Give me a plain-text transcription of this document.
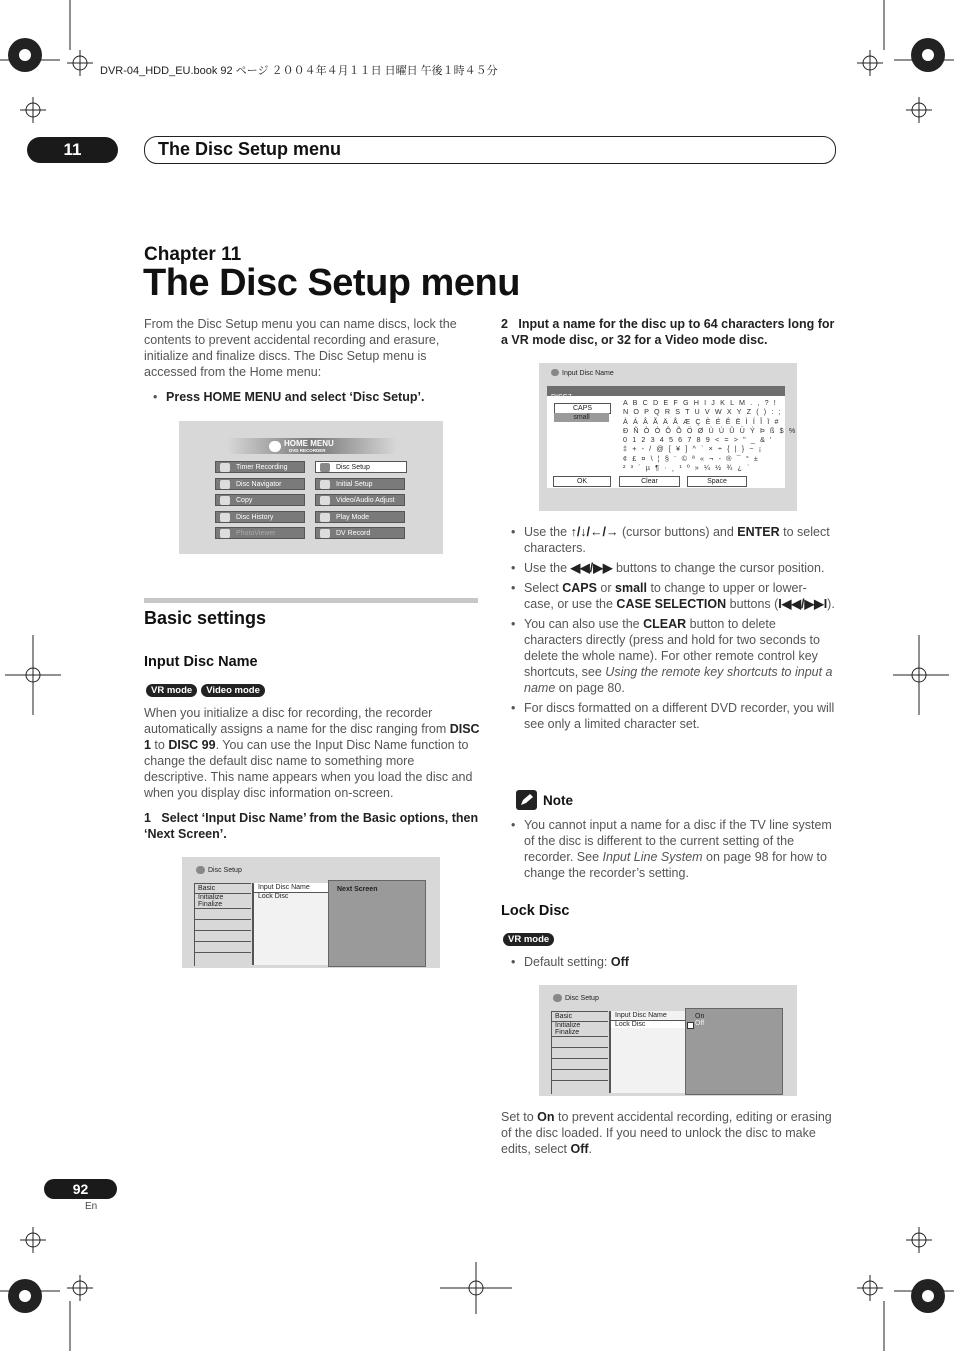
DVR-04_HDD_EU.book 92 ページ ２００４年４月１１日 日曜日 午後１時４５分
11	The Disc Setup menu
Chapter 11
The Disc Setup menu
From the Disc Setup menu you can name discs, lock the contents to prevent accidental recording and erasure, initialize and finalize discs. The Disc Setup menu is accessed from the Home menu:
• Press HOME MENU and select ‘Disc Setup’.
HOME MENU
DVD RECORDER
Timer Recording
Disc Navigator
Copy
Disc History
PhotoViewer
Disc Setup
Initial Setup
Video/Audio Adjust
Play Mode
DV Record
Basic settings
Input Disc Name
VR mode Video mode
When you initialize a disc for recording, the recorder automatically assigns a name for the disc ranging from DISC 1 to DISC 99. You can use the Input Disc Name function to change the default disc name to something more descriptive. This name appears when you load the disc and when you display disc information on-screen.
1 Select ‘Input Disc Name’ from the Basic options, then ‘Next Screen’.
Disc Setup
Basic
Initialize
Finalize
Input Disc Name
Lock Disc
Next Screen
2 Input a name for the disc up to 64 characters long for a VR mode disc, or 32 for a Video mode disc.
Input Disc Name
CAPS
small
A B C D E F G H I J K L M . , ? !
N O P Q R S T U V W X Y Z ( ) : ;
À Á Â Ã Ä Å Æ Ç È É Ê Ë Ì Í Î Ï #
Ð Ñ Ò Ó Ô Õ Ö Ø Ù Ú Û Ü Ý Þ ß $ %
0 1 2 3 4 5 6 7 8 9 < = > " _ & '
‡ + - / @ [ ¥ ] ^ ` × ÷ { | } ~ ¡
¢ £ ¤ \ ¦ § ¨ © ª « ¬ - ® ¯ ° ±
² ³ ´ µ ¶ · ¸ ¹ º » ¼ ½ ¾ ¿ `
OK	Clear	Space
• Use the ↑/↓/←/→ (cursor buttons) and ENTER to select characters.
• Use the ◀◀/▶▶ buttons to change the cursor position.
• Select CAPS or small to change to upper or lower-case, or use the CASE SELECTION buttons (I◀◀/▶▶I).
• You can also use the CLEAR button to delete characters directly (press and hold for two seconds to delete the whole name). For other remote control key shortcuts, see Using the remote key shortcuts to input a name on page 80.
• For discs formatted on a different DVD recorder, you will see only a limited character set.
Note
• You cannot input a name for a disc if the TV line system of the disc is different to the current setting of the recorder. See Input Line System on page 98 for how to change the recorder’s setting.
Lock Disc
VR mode
• Default setting: Off
Disc Setup
Basic
Initialize
Finalize
Input Disc Name
Lock Disc
On
Off
Set to On to prevent accidental recording, editing or erasing of the disc loaded. If you need to unlock the disc to make edits, select Off.
92
En
